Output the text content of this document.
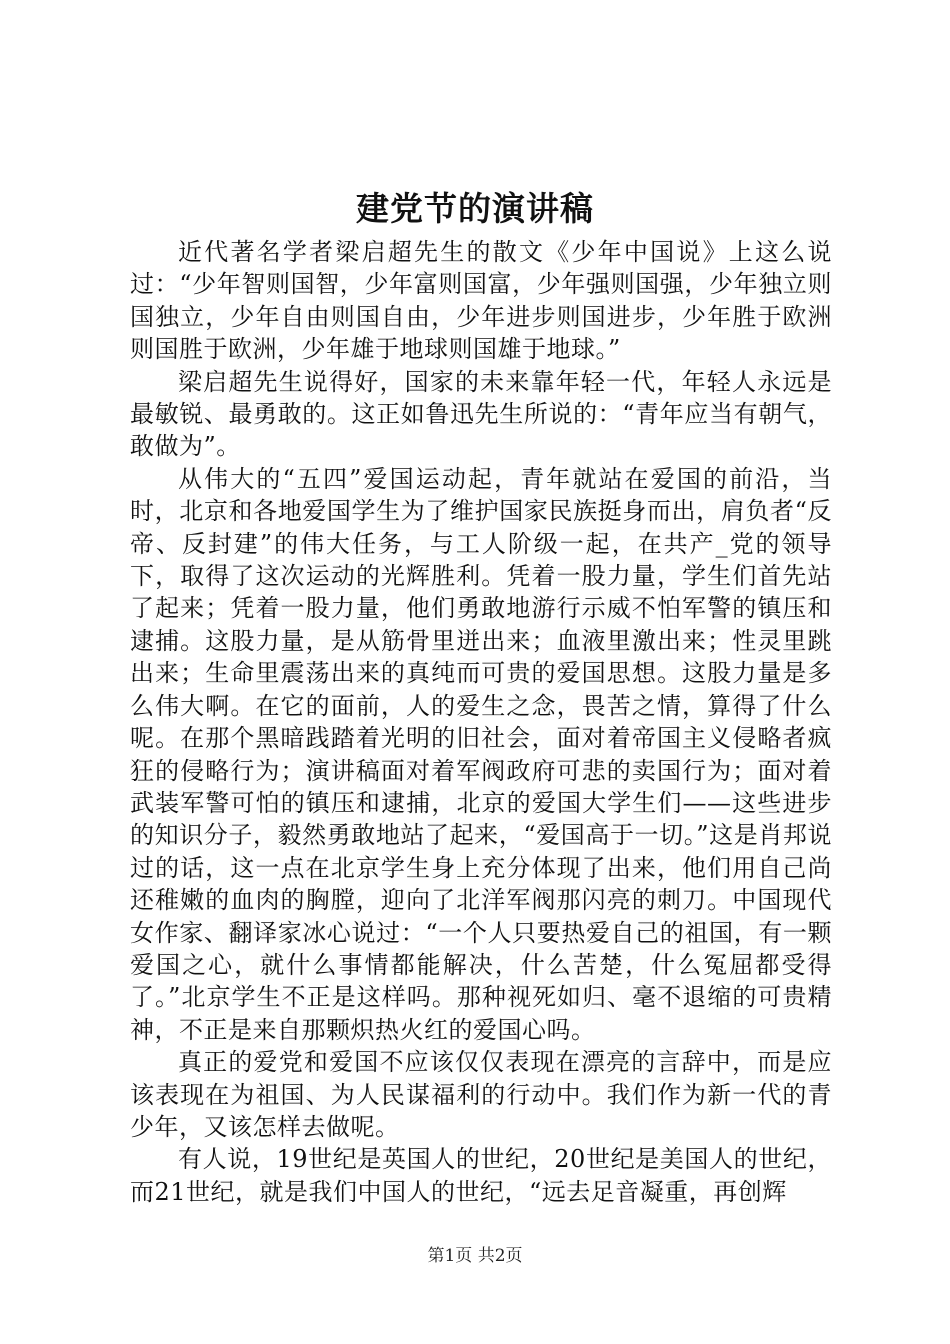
建党节的演讲稿

近代著名学者梁启超先生的散文《少年中国说》上这么说过：“少年智则国智，少年富则国富，少年强则国强，少年独立则国独立，少年自由则国自由，少年进步则国进步，少年胜于欧洲则国胜于欧洲，少年雄于地球则国雄于地球。”

梁启超先生说得好，国家的未来靠年轻一代，年轻人永远是最敏锐、最勇敢的。这正如鲁迅先生所说的：“青年应当有朝气，敢做为”。

从伟大的“五四”爱国运动起，青年就站在爱国的前沿，当时，北京和各地爱国学生为了维护国家民族挺身而出，肩负者“反帝、反封建”的伟大任务，与工人阶级一起，在共产_党的领导下，取得了这次运动的光辉胜利。凭着一股力量，学生们首先站了起来；凭着一股力量，他们勇敢地游行示威不怕军警的镇压和逮捕。这股力量，是从筋骨里迸出来；血液里激出来；性灵里跳出来；生命里震荡出来的真纯而可贵的爱国思想。这股力量是多么伟大啊。在它的面前，人的爱生之念，畏苦之情，算得了什么呢。在那个黑暗践踏着光明的旧社会，面对着帝国主义侵略者疯狂的侵略行为；演讲稿面对着军阀政府可悲的卖国行为；面对着武装军警可怕的镇压和逮捕，北京的爱国大学生们——这些进步的知识分子，毅然勇敢地站了起来，“爱国高于一切。”这是肖邦说过的话，这一点在北京学生身上充分体现了出来，他们用自己尚还稚嫩的血肉的胸膛，迎向了北洋军阀那闪亮的刺刀。中国现代女作家、翻译家冰心说过：“一个人只要热爱自己的祖国，有一颗爱国之心，就什么事情都能解决，什么苦楚，什么冤屈都受得了。”北京学生不正是这样吗。那种视死如归、毫不退缩的可贵精神，不正是来自那颗炽热火红的爱国心吗。

真正的爱党和爱国不应该仅仅表现在漂亮的言辞中，而是应该表现在为祖国、为人民谋福利的行动中。我们作为新一代的青少年，又该怎样去做呢。

有人说，19世纪是英国人的世纪，20世纪是美国人的世纪，而21世纪，就是我们中国人的世纪，“远去足音凝重，再创辉

第1页 共2页
